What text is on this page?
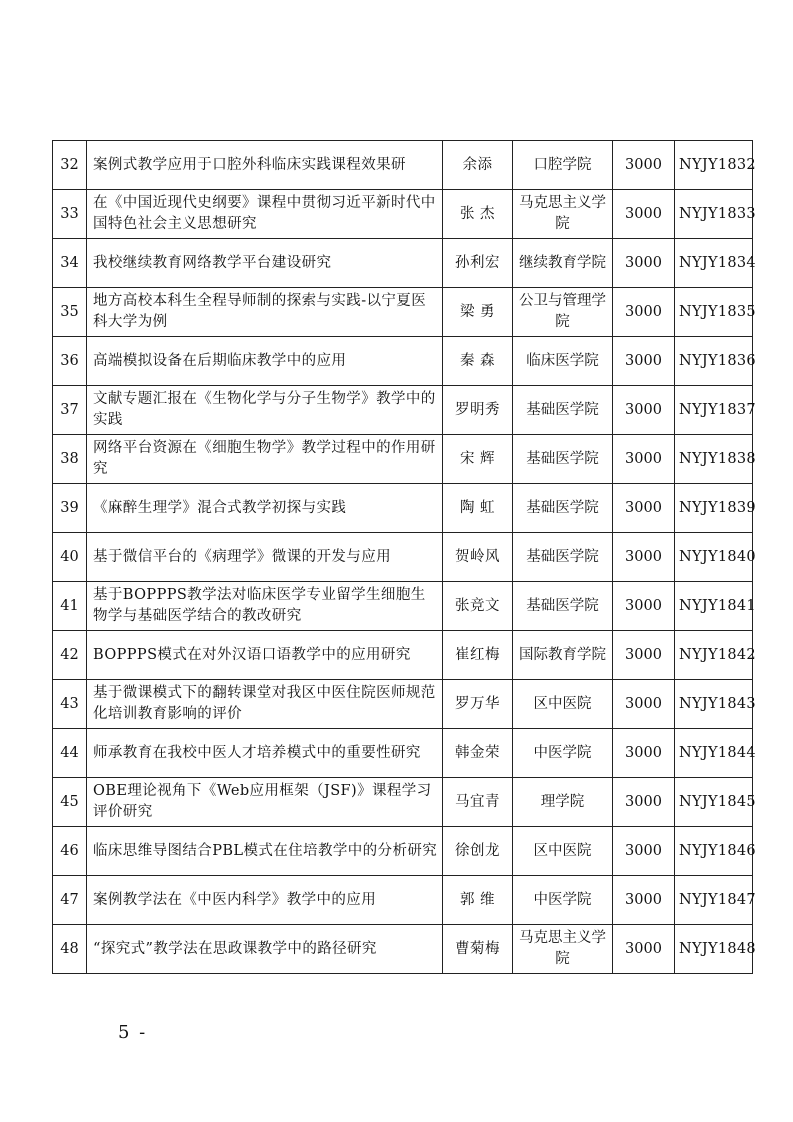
32	案例式教学应用于口腔外科临床实践课程效果研	余添	口腔学院	3000	NYJY1832
33	在《中国近现代史纲要》课程中贯彻习近平新时代中国特色社会主义思想研究	张 杰	马克思主义学院	3000	NYJY1833
34	我校继续教育网络教学平台建设研究	孙利宏	继续教育学院	3000	NYJY1834
35	地方高校本科生全程导师制的探索与实践-以宁夏医科大学为例	梁 勇	公卫与管理学院	3000	NYJY1835
36	高端模拟设备在后期临床教学中的应用	秦 森	临床医学院	3000	NYJY1836
37	文献专题汇报在《生物化学与分子生物学》教学中的实践	罗明秀	基础医学院	3000	NYJY1837
38	网络平台资源在《细胞生物学》教学过程中的作用研究	宋 辉	基础医学院	3000	NYJY1838
39	《麻醉生理学》混合式教学初探与实践	陶 虹	基础医学院	3000	NYJY1839
40	基于微信平台的《病理学》微课的开发与应用	贺岭风	基础医学院	3000	NYJY1840
41	基于BOPPPS教学法对临床医学专业留学生细胞生物学与基础医学结合的教改研究	张竞文	基础医学院	3000	NYJY1841
42	BOPPPS模式在对外汉语口语教学中的应用研究	崔红梅	国际教育学院	3000	NYJY1842
43	基于微课模式下的翻转课堂对我区中医住院医师规范化培训教育影响的评价	罗万华	区中医院	3000	NYJY1843
44	师承教育在我校中医人才培养模式中的重要性研究	韩金荣	中医学院	3000	NYJY1844
45	OBE理论视角下《Web应用框架（JSF)》课程学习评价研究	马宜青	理学院	3000	NYJY1845
46	临床思维导图结合PBL模式在住培教学中的分析研究	徐创龙	区中医院	3000	NYJY1846
47	案例教学法在《中医内科学》教学中的应用	郭 维	中医学院	3000	NYJY1847
48	“探究式”教学法在思政课教学中的路径研究	曹菊梅	马克思主义学院	3000	NYJY1848
5 -
